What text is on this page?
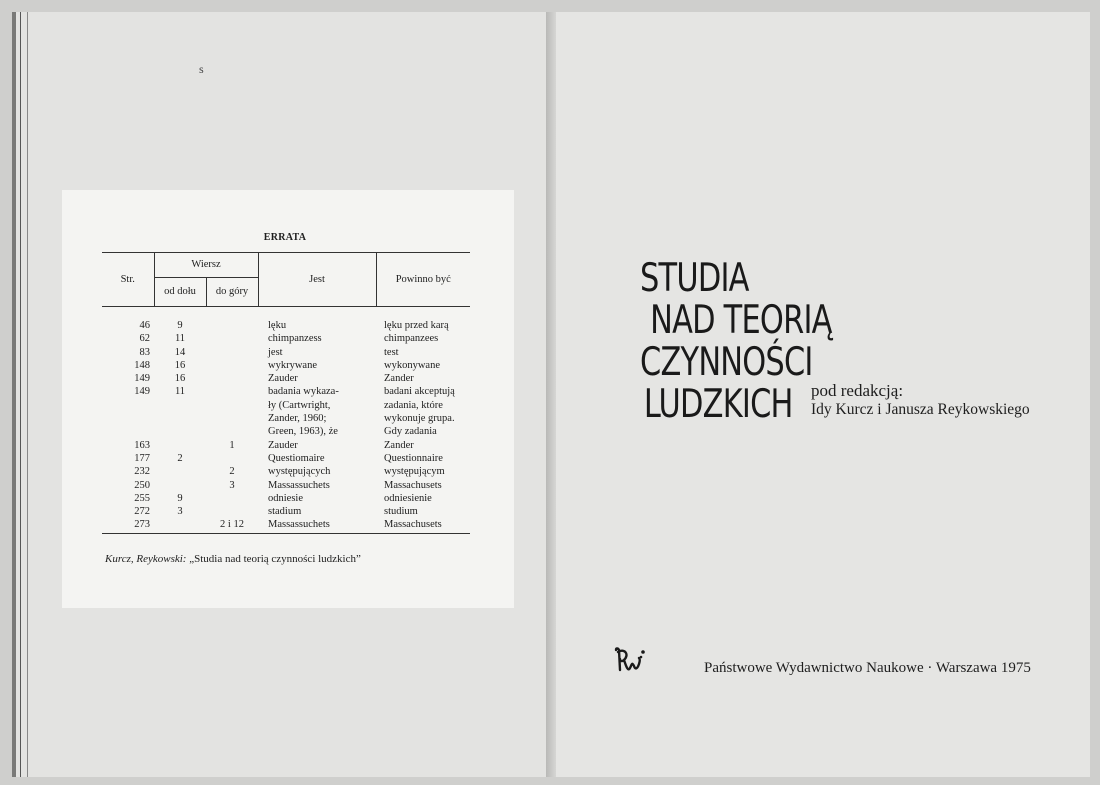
s
ERRATA
Str.	Wiersz		Jest	Powinno być
	od dołu	do góry		

46	9		lęku	lęku przed karą
62	11		chimpanzess	chimpanzees
83	14		jest	test
148	16		wykrywane	wykonywane
149	16		Zauder	Zander
149	11		badania wykaza-	badani akceptują
			ły (Cartwright,	zadania, które
			Zander, 1960;	wykonuje grupa.
			Green, 1963), że	Gdy zadania
163		1	Zauder	Zander
177	2		Questiomaire	Questionnaire
232		2	występujących	występującym
250		3	Massassuchets	Massachusets
255	9		odniesie	odniesienie
272	3		stadium	studium
273		2 i 12	Massassuchets	Massachusets
Kurcz, Reykowski: „Studia nad teorią czynności ludzkich”
STUDIA
NAD TEORIĄ
CZYNNOŚCI
LUDZKICH	pod redakcją:
Idy Kurcz i Janusza Reykowskiego
Państwowe Wydawnictwo Naukowe · Warszawa 1975
